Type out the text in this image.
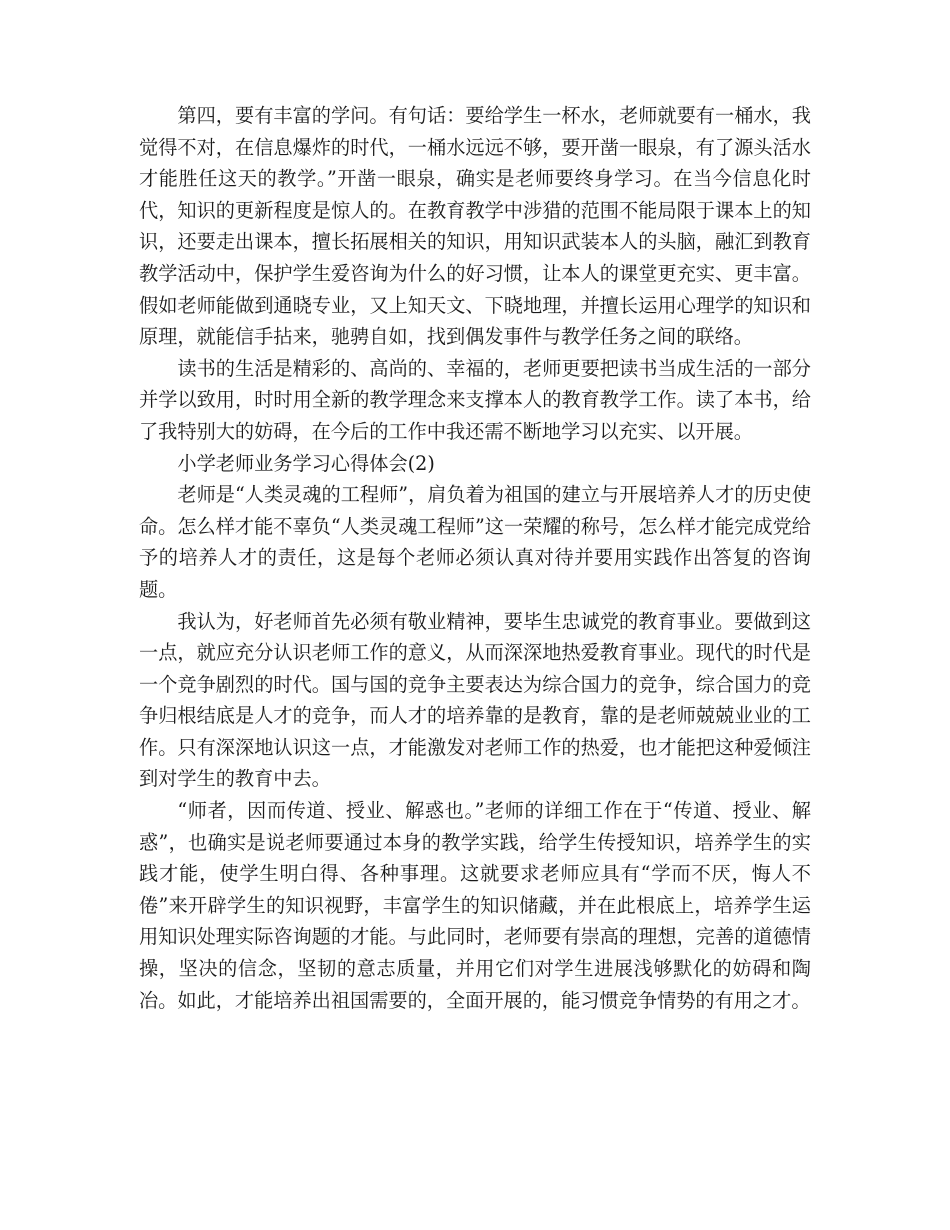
第四，要有丰富的学问。有句话：要给学生一杯水，老师就要有一桶水，我觉得不对，在信息爆炸的时代，一桶水远远不够，要开凿一眼泉，有了源头活水才能胜任这天的教学。”开凿一眼泉，确实是老师要终身学习。在当今信息化时代，知识的更新程度是惊人的。在教育教学中涉猎的范围不能局限于课本上的知识，还要走出课本，擅长拓展相关的知识，用知识武装本人的头脑，融汇到教育教学活动中，保护学生爱咨询为什么的好习惯，让本人的课堂更充实、更丰富。假如老师能做到通晓专业，又上知天文、下晓地理，并擅长运用心理学的知识和原理，就能信手拈来，驰骋自如，找到偶发事件与教学任务之间的联络。

读书的生活是精彩的、高尚的、幸福的，老师更要把读书当成生活的一部分并学以致用，时时用全新的教学理念来支撑本人的教育教学工作。读了本书，给了我特别大的妨碍，在今后的工作中我还需不断地学习以充实、以开展。

小学老师业务学习心得体会(2)

老师是“人类灵魂的工程师”，肩负着为祖国的建立与开展培养人才的历史使命。怎么样才能不辜负“人类灵魂工程师”这一荣耀的称号，怎么样才能完成党给予的培养人才的责任，这是每个老师必须认真对待并要用实践作出答复的咨询题。

我认为，好老师首先必须有敬业精神，要毕生忠诚党的教育事业。要做到这一点，就应充分认识老师工作的意义，从而深深地热爱教育事业。现代的时代是一个竞争剧烈的时代。国与国的竞争主要表达为综合国力的竞争，综合国力的竞争归根结底是人才的竞争，而人才的培养靠的是教育，靠的是老师兢兢业业的工作。只有深深地认识这一点，才能激发对老师工作的热爱，也才能把这种爱倾注到对学生的教育中去。

“师者，因而传道、授业、解惑也。”老师的详细工作在于“传道、授业、解惑”，也确实是说老师要通过本身的教学实践，给学生传授知识，培养学生的实践才能，使学生明白得、各种事理。这就要求老师应具有“学而不厌，悔人不倦”来开辟学生的知识视野，丰富学生的知识储藏，并在此根底上，培养学生运用知识处理实际咨询题的才能。与此同时，老师要有崇高的理想，完善的道德情操，坚决的信念，坚韧的意志质量，并用它们对学生进展浅够默化的妨碍和陶冶。如此，才能培养出祖国需要的，全面开展的，能习惯竞争情势的有用之才。
